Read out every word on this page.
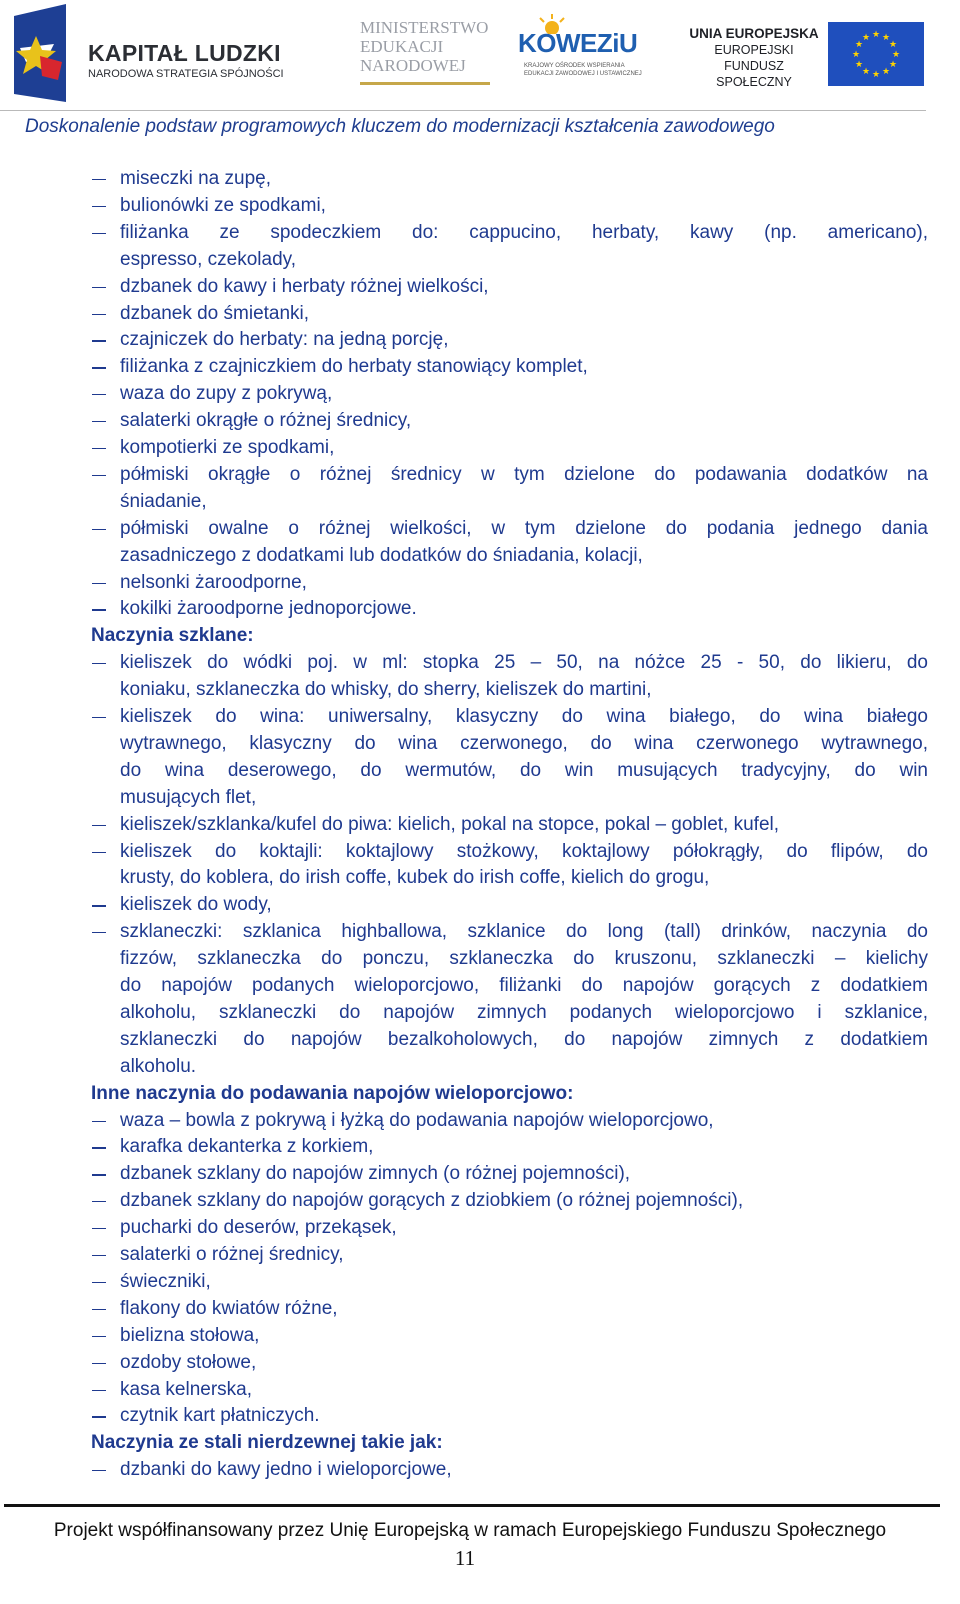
KAPITAŁ LUDZKI
NARODOWA STRATEGIA SPÓJNOŚCI
MINISTERSTWO
EDUKACJI
NARODOWEJ
KOWEZiU
KRAJOWY OŚRODEK WSPIERANIA
EDUKACJI ZAWODOWEJ I USTAWICZNEJ
UNIA EUROPEJSKA
EUROPEJSKI
FUNDUSZ SPOŁECZNY
★ ★
★
★
★
★
★
★
★
★
★
★
Doskonalenie podstaw programowych kluczem do modernizacji kształcenia zawodowego
miseczki na zupę,
bulionówki ze spodkami,
filiżanka ze spodeczkiem do: cappucino, herbaty, kawy (np. americano),
espresso, czekolady,
dzbanek do kawy i herbaty różnej wielkości,
dzbanek do śmietanki,
czajniczek do herbaty: na jedną porcję,
filiżanka z czajniczkiem do herbaty stanowiący komplet,
waza do zupy z pokrywą,
salaterki okrągłe o różnej średnicy,
kompotierki ze spodkami,
półmiski okrągłe o różnej średnicy w tym dzielone do podawania dodatków na
śniadanie,
półmiski owalne o różnej wielkości, w tym dzielone do podania jednego dania
zasadniczego z dodatkami lub dodatków do śniadania, kolacji,
nelsonki żaroodporne,
kokilki żaroodporne jednoporcjowe.
Naczynia szklane:
kieliszek do wódki poj. w ml: stopka 25 – 50, na nóżce 25 - 50, do likieru, do
koniaku, szklaneczka do whisky, do sherry, kieliszek do martini,
kieliszek do wina: uniwersalny, klasyczny do wina białego, do wina białego
wytrawnego, klasyczny do wina czerwonego, do wina czerwonego wytrawnego,
do wina deserowego, do wermutów, do win musujących tradycyjny, do win
musujących flet,
kieliszek/szklanka/kufel do piwa: kielich, pokal na stopce, pokal – goblet, kufel,
kieliszek do koktajli: koktajlowy stożkowy, koktajlowy półokrągły, do flipów, do
krusty, do koblera, do irish coffe, kubek do irish coffe, kielich do grogu,
kieliszek do wody,
szklaneczki: szklanica highballowa, szklanice do long (tall) drinków, naczynia do
fizzów, szklaneczka do ponczu, szklaneczka do kruszonu, szklaneczki – kielichy
do napojów podanych wieloporcjowo, filiżanki do napojów gorących z dodatkiem
alkoholu, szklaneczki do napojów zimnych podanych wieloporcjowo i szklanice,
szklaneczki do napojów bezalkoholowych, do napojów zimnych z dodatkiem
alkoholu.
Inne naczynia do podawania napojów wieloporcjowo:
waza – bowla z pokrywą i łyżką do podawania napojów wieloporcjowo,
karafka dekanterka z korkiem,
dzbanek szklany do napojów zimnych (o różnej pojemności),
dzbanek szklany do napojów gorących z dziobkiem (o różnej pojemności),
pucharki do deserów, przekąsek,
salaterki o różnej średnicy,
świeczniki,
flakony do kwiatów różne,
bielizna stołowa,
ozdoby stołowe,
kasa kelnerska,
czytnik kart płatniczych.
Naczynia ze stali nierdzewnej takie jak:
dzbanki do kawy jedno i wieloporcjowe,
Projekt współfinansowany przez Unię Europejską w ramach Europejskiego Funduszu Społecznego
11
